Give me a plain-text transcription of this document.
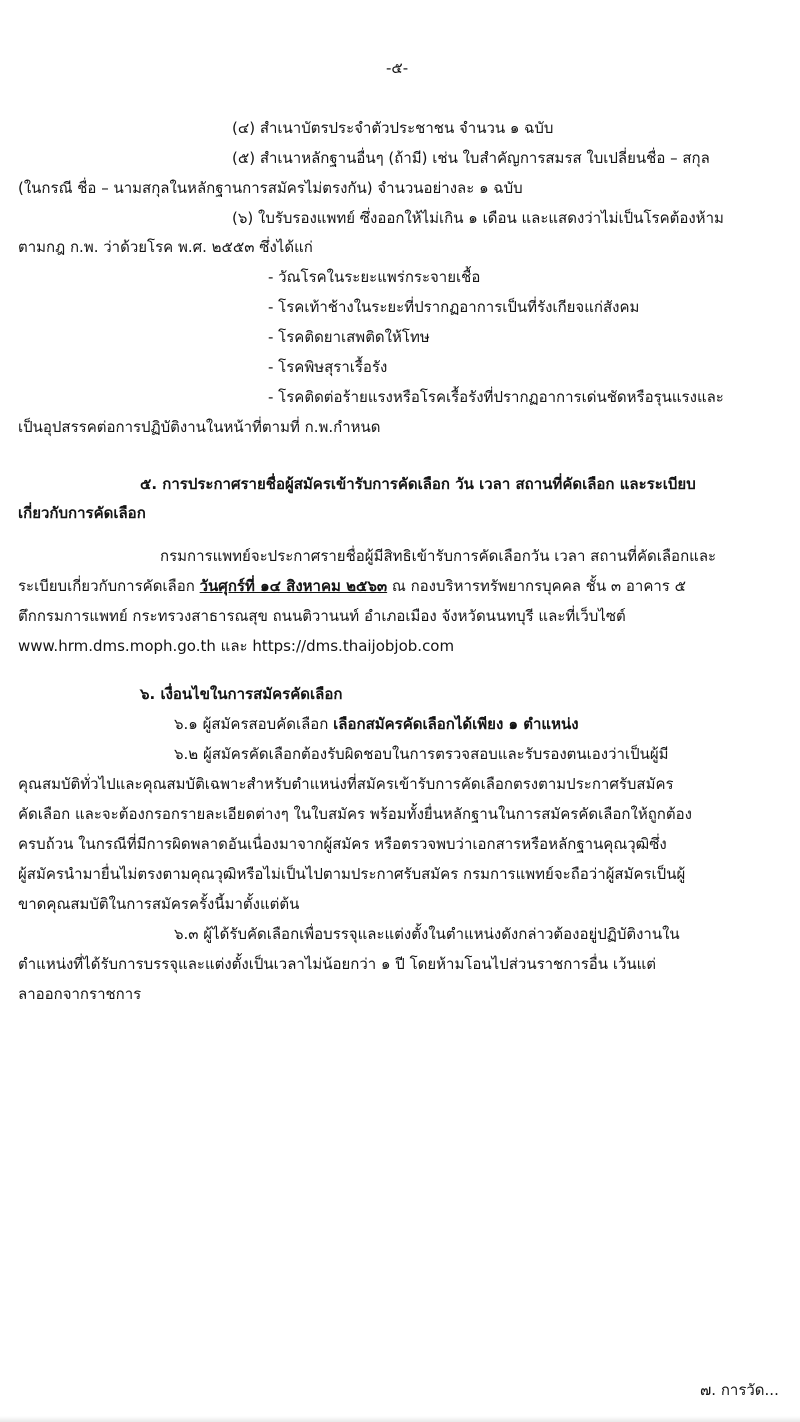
-๕-
(๔) สำเนาบัตรประจำตัวประชาชน จำนวน ๑ ฉบับ
(๕) สำเนาหลักฐานอื่นๆ (ถ้ามี) เช่น ใบสำคัญการสมรส ใบเปลี่ยนชื่อ – สกุล
(ในกรณี ชื่อ – นามสกุลในหลักฐานการสมัครไม่ตรงกัน) จำนวนอย่างละ ๑ ฉบับ
(๖) ใบรับรองแพทย์ ซึ่งออกให้ไม่เกิน ๑ เดือน และแสดงว่าไม่เป็นโรคต้องห้าม
ตามกฎ ก.พ. ว่าด้วยโรค พ.ศ. ๒๕๕๓ ซึ่งได้แก่
- วัณโรคในระยะแพร่กระจายเชื้อ
- โรคเท้าช้างในระยะที่ปรากฏอาการเป็นที่รังเกียจแก่สังคม
- โรคติดยาเสพติดให้โทษ
- โรคพิษสุราเรื้อรัง
- โรคติดต่อร้ายแรงหรือโรคเรื้อรังที่ปรากฏอาการเด่นชัดหรือรุนแรงและ
เป็นอุปสรรคต่อการปฏิบัติงานในหน้าที่ตามที่ ก.พ.กำหนด
๕. การประกาศรายชื่อผู้สมัครเข้ารับการคัดเลือก วัน เวลา สถานที่คัดเลือก และระเบียบ
เกี่ยวกับการคัดเลือก
กรมการแพทย์จะประกาศรายชื่อผู้มีสิทธิเข้ารับการคัดเลือกวัน เวลา สถานที่คัดเลือกและ
ระเบียบเกี่ยวกับการคัดเลือก วันศุกร์ที่ ๑๔ สิงหาคม ๒๕๖๓ ณ กองบริหารทรัพยากรบุคคล ชั้น ๓ อาคาร ๕
ตึกกรมการแพทย์ กระทรวงสาธารณสุข ถนนติวานนท์ อำเภอเมือง จังหวัดนนทบุรี และที่เว็บไซต์
www.hrm.dms.moph.go.th และ https://dms.thaijobjob.com
๖. เงื่อนไขในการสมัครคัดเลือก
๖.๑ ผู้สมัครสอบคัดเลือก เลือกสมัครคัดเลือกได้เพียง ๑ ตำแหน่ง
๖.๒ ผู้สมัครคัดเลือกต้องรับผิดชอบในการตรวจสอบและรับรองตนเองว่าเป็นผู้มี
คุณสมบัติทั่วไปและคุณสมบัติเฉพาะสำหรับตำแหน่งที่สมัครเข้ารับการคัดเลือกตรงตามประกาศรับสมัคร
คัดเลือก และจะต้องกรอกรายละเอียดต่างๆ ในใบสมัคร พร้อมทั้งยื่นหลักฐานในการสมัครคัดเลือกให้ถูกต้อง
ครบถ้วน ในกรณีที่มีการผิดพลาดอันเนื่องมาจากผู้สมัคร หรือตรวจพบว่าเอกสารหรือหลักฐานคุณวุฒิซึ่ง
ผู้สมัครนำมายื่นไม่ตรงตามคุณวุฒิหรือไม่เป็นไปตามประกาศรับสมัคร กรมการแพทย์จะถือว่าผู้สมัครเป็นผู้
ขาดคุณสมบัติในการสมัครครั้งนี้มาตั้งแต่ต้น
๖.๓ ผู้ได้รับคัดเลือกเพื่อบรรจุและแต่งตั้งในตำแหน่งดังกล่าวต้องอยู่ปฏิบัติงานใน
ตำแหน่งที่ได้รับการบรรจุและแต่งตั้งเป็นเวลาไม่น้อยกว่า ๑ ปี โดยห้ามโอนไปส่วนราชการอื่น เว้นแต่
ลาออกจากราชการ
๗. การวัด...
